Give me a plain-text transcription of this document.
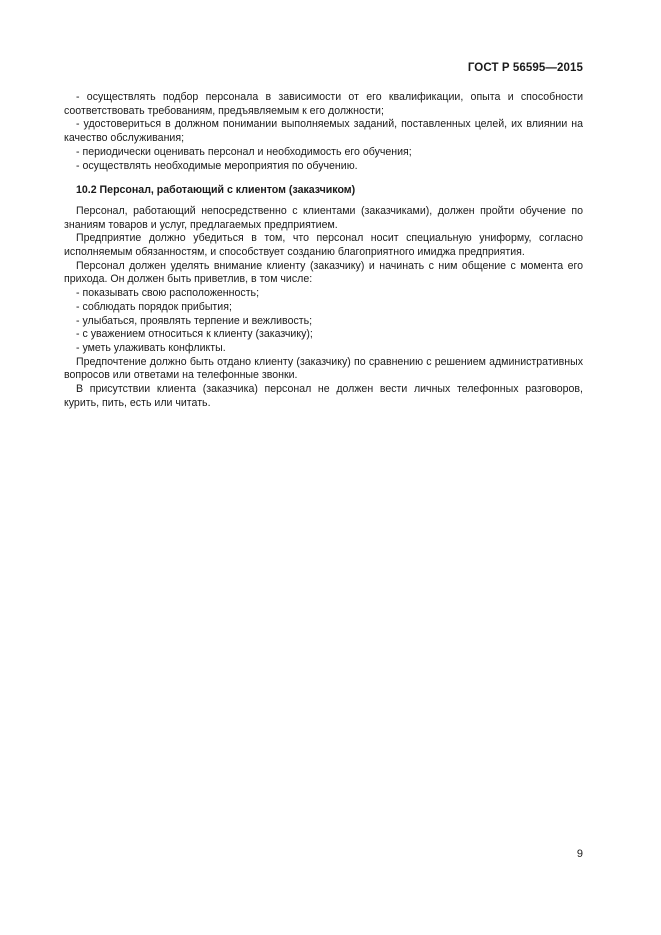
ГОСТ Р 56595—2015

- осуществлять подбор персонала в зависимости от его квалификации, опыта и способности соответствовать требованиям, предъявляемым к его должности;

- удостовериться в должном понимании выполняемых заданий, поставленных целей, их влиянии на качество обслуживания;

- периодически оценивать персонал и необходимость его обучения;

- осуществлять необходимые мероприятия по обучению.

10.2 Персонал, работающий с клиентом (заказчиком)

Персонал, работающий непосредственно с клиентами (заказчиками), должен пройти обучение по знаниям товаров и услуг, предлагаемых предприятием.

Предприятие должно убедиться в том, что персонал носит специальную униформу, согласно исполняемым обязанностям, и способствует созданию благоприятного имиджа предприятия.

Персонал должен уделять внимание клиенту (заказчику) и начинать с ним общение с момента его прихода. Он должен быть приветлив, в том числе:

- показывать свою расположенность;

- соблюдать порядок прибытия;

- улыбаться, проявлять терпение и вежливость;

- с уважением относиться к клиенту (заказчику);

- уметь улаживать конфликты.

Предпочтение должно быть отдано клиенту (заказчику) по сравнению с решением административных вопросов или ответами на телефонные звонки.

В присутствии клиента (заказчика) персонал не должен вести личных телефонных разговоров, курить, пить, есть или читать.

9
